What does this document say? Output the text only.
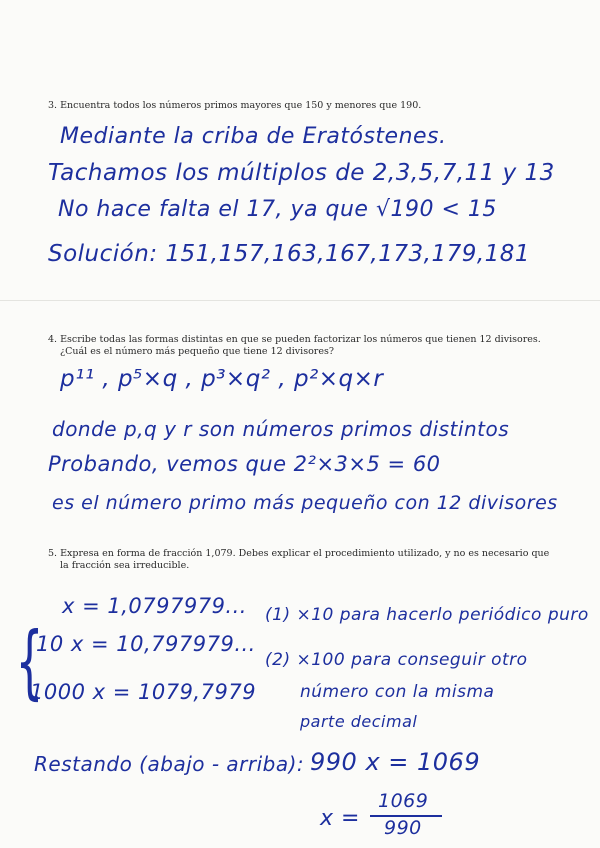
3. Encuentra todos los números primos mayores que 150 y menores que 190.
Mediante la criba de Eratóstenes.
Tachamos los múltiplos de 2,3,5,7,11 y 13
No hace falta el 17, ya que √190 < 15
Solución: 151,157,163,167,173,179,181
4. Escribe todas las formas distintas en que se pueden factorizar los números que tienen 12 divisores.
¿Cuál es el número más pequeño que tiene 12 divisores?
p¹¹ , p⁵×q , p³×q² , p²×q×r
donde p,q y r son números primos distintos
Probando, vemos que 2²×3×5 = 60
es el número primo más pequeño con 12 divisores
5. Expresa en forma de fracción 1,079. Debes explicar el procedimiento utilizado, y no es necesario que
la fracción sea irreducible.
x = 1,0797979...
{
10 x = 10,797979...
1000 x = 1079,7979
(1) ×10 para hacerlo periódico puro
(2) ×100 para conseguir otro
número con la misma
parte decimal
Restando (abajo - arriba): 990 x = 1069
x =
1069
990
